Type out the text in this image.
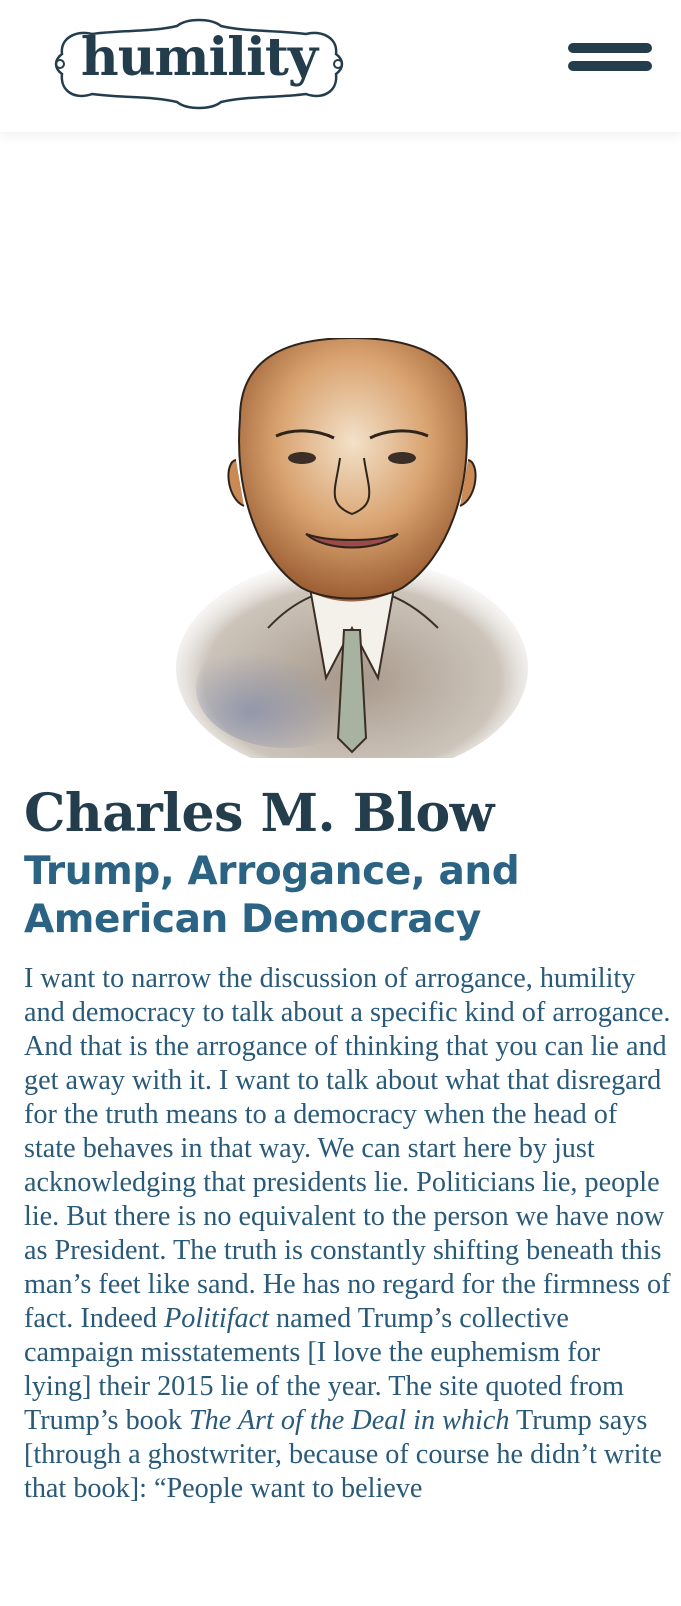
humility
Charles M. Blow
Trump, Arrogance, and
American Democracy

I want to narrow the discussion of arrogance, humility and democracy to talk about a specific kind of arrogance. And that is the arrogance of thinking that you can lie and get away with it. I want to talk about what that disregard for the truth means to a democracy when the head of state behaves in that way. We can start here by just acknowledging that presidents lie. Politicians lie, people lie. But there is no equivalent to the person we have now as President. The truth is constantly shifting beneath this man’s feet like sand. He has no regard for the firmness of fact. Indeed Politifact named Trump’s collective campaign misstatements [I love the euphemism for lying] their 2015 lie of the year. The site quoted from Trump’s book The Art of the Deal in which Trump says [through a ghostwriter, because of course he didn’t write that book]: “People want to believe
